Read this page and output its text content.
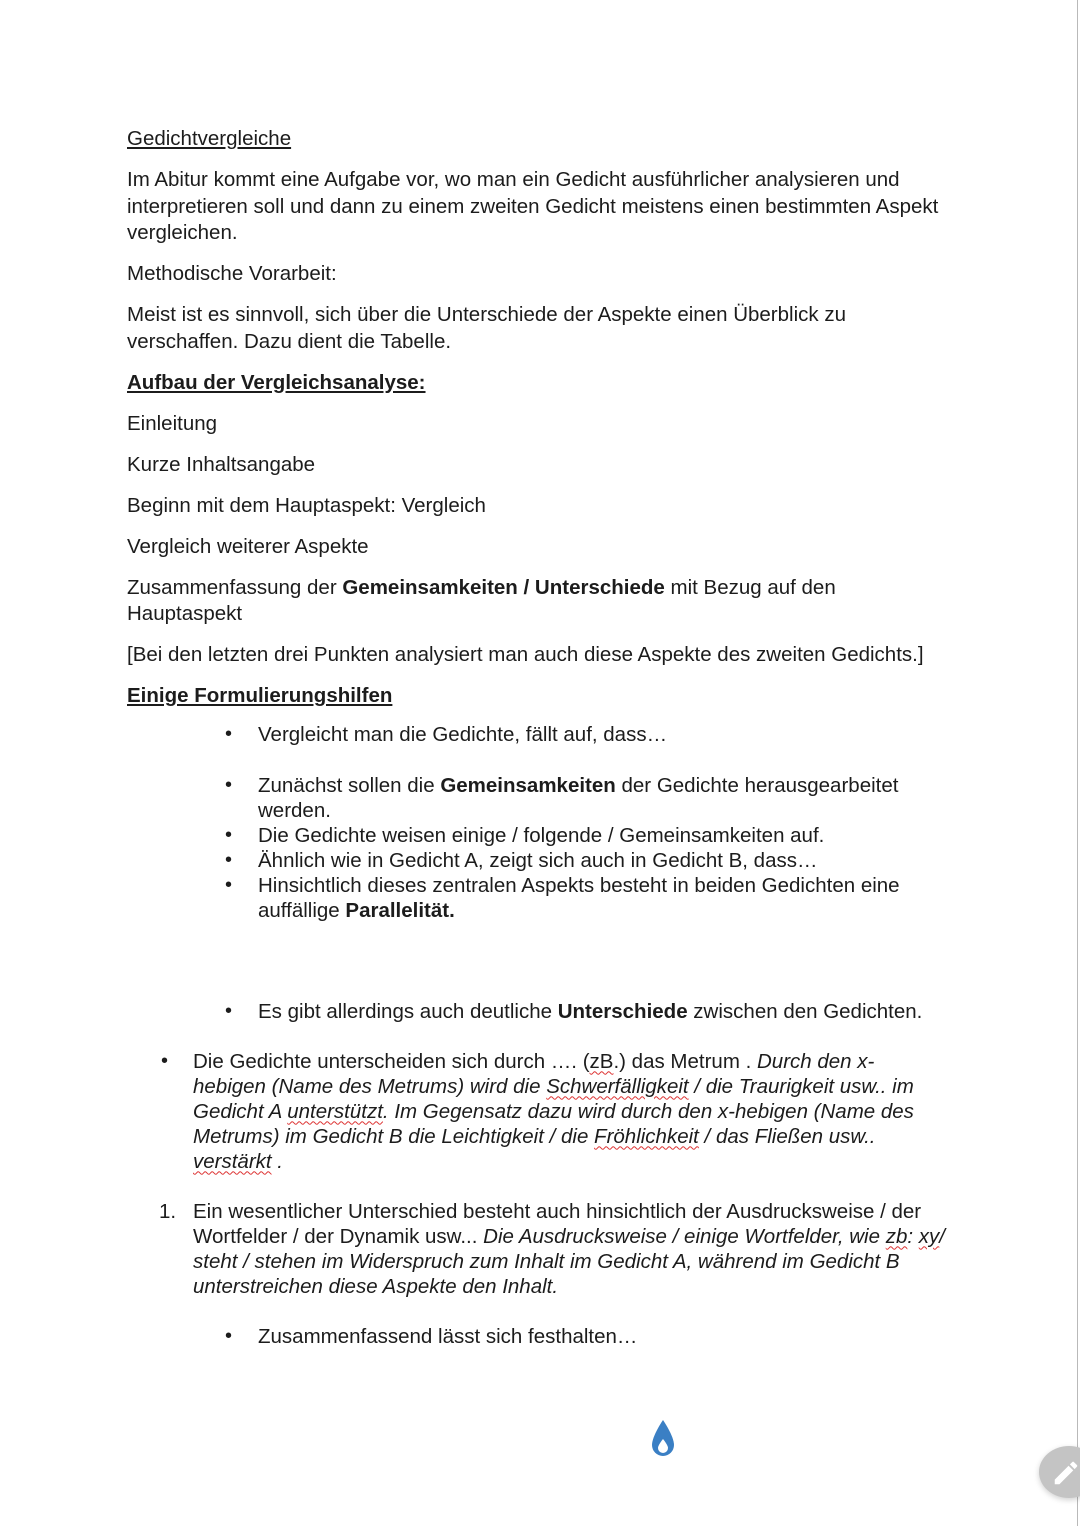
Gedichtvergleiche

Im Abitur kommt eine Aufgabe vor, wo man ein Gedicht ausführlicher analysieren und interpretieren soll und dann zu einem zweiten Gedicht meistens einen bestimmten Aspekt vergleichen.

Methodische Vorarbeit:

Meist ist es sinnvoll, sich über die Unterschiede der Aspekte einen Überblick zu verschaffen. Dazu dient die Tabelle.

Aufbau der Vergleichsanalyse:

Einleitung

Kurze Inhaltsangabe

Beginn mit dem Hauptaspekt: Vergleich

Vergleich weiterer Aspekte

Zusammenfassung der Gemeinsamkeiten / Unterschiede mit Bezug auf den Hauptaspekt

[Bei den letzten drei Punkten analysiert man auch diese Aspekte des zweiten Gedichts.]

Einige Formulierungshilfen

• Vergleicht man die Gedichte, fällt auf, dass…
• Zunächst sollen die Gemeinsamkeiten der Gedichte herausgearbeitet werden.
• Die Gedichte weisen einige / folgende / Gemeinsamkeiten auf.
• Ähnlich wie in Gedicht A, zeigt sich auch in Gedicht B, dass…
• Hinsichtlich dieses zentralen Aspekts besteht in beiden Gedichten eine auffällige Parallelität.
• Es gibt allerdings auch deutliche Unterschiede zwischen den Gedichten.
• Die Gedichte unterscheiden sich durch …. (zB.) das Metrum . Durch den x-hebigen (Name des Metrums) wird die Schwerfälligkeit / die Traurigkeit usw.. im Gedicht A unterstützt. Im Gegensatz dazu wird durch den x-hebigen (Name des Metrums) im Gedicht B die Leichtigkeit / die Fröhlichkeit / das Fließen usw.. verstärkt .
1. Ein wesentlicher Unterschied besteht auch hinsichtlich der Ausdrucksweise / der Wortfelder / der Dynamik usw... Die Ausdrucksweise / einige Wortfelder, wie zb: xy/ steht / stehen im Widerspruch zum Inhalt im Gedicht A, während im Gedicht B unterstreichen diese Aspekte den Inhalt.
• Zusammenfassend lässt sich festhalten…
